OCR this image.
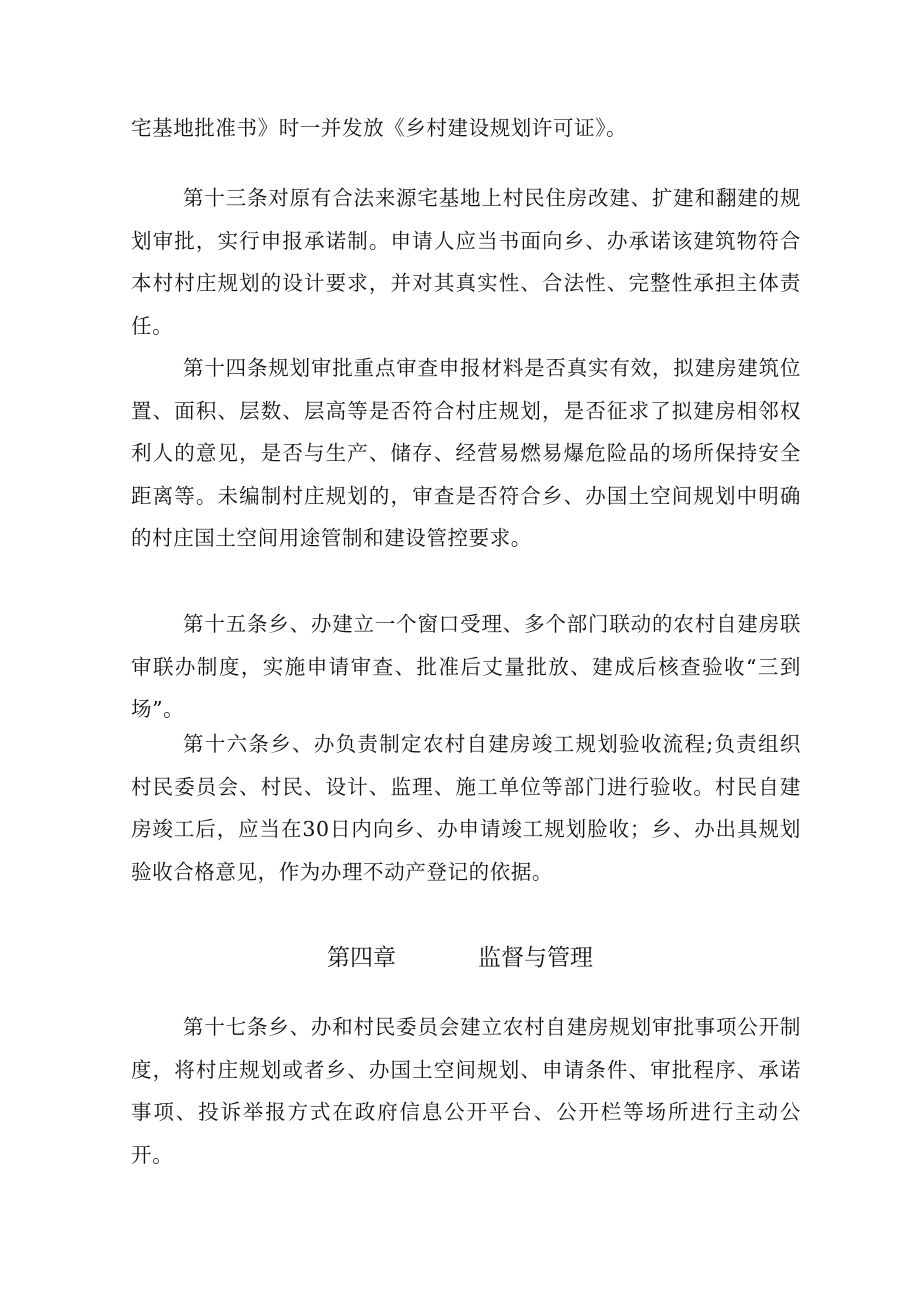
宅基地批准书》时一并发放《乡村建设规划许可证》。

第十三条对原有合法来源宅基地上村民住房改建、扩建和翻建的规划审批，实行申报承诺制。申请人应当书面向乡、办承诺该建筑物符合本村村庄规划的设计要求，并对其真实性、合法性、完整性承担主体责任。

第十四条规划审批重点审查申报材料是否真实有效，拟建房建筑位置、面积、层数、层高等是否符合村庄规划，是否征求了拟建房相邻权利人的意见，是否与生产、储存、经营易燃易爆危险品的场所保持安全距离等。未编制村庄规划的，审查是否符合乡、办国土空间规划中明确的村庄国土空间用途管制和建设管控要求。

第十五条乡、办建立一个窗口受理、多个部门联动的农村自建房联审联办制度，实施申请审查、批准后丈量批放、建成后核查验收“三到场”。

第十六条乡、办负责制定农村自建房竣工规划验收流程;负责组织村民委员会、村民、设计、监理、施工单位等部门进行验收。村民自建房竣工后，应当在30日内向乡、办申请竣工规划脸收；乡、办出具规划验收合格意见，作为办理不动产登记的依据。

第四章	监督与管理

第十七条乡、办和村民委员会建立农村自建房规划审批事项公开制度，将村庄规划或者乡、办国土空间规划、申请条件、审批程序、承诺事项、投诉举报方式在政府信息公开平台、公开栏等场所进行主动公开。
